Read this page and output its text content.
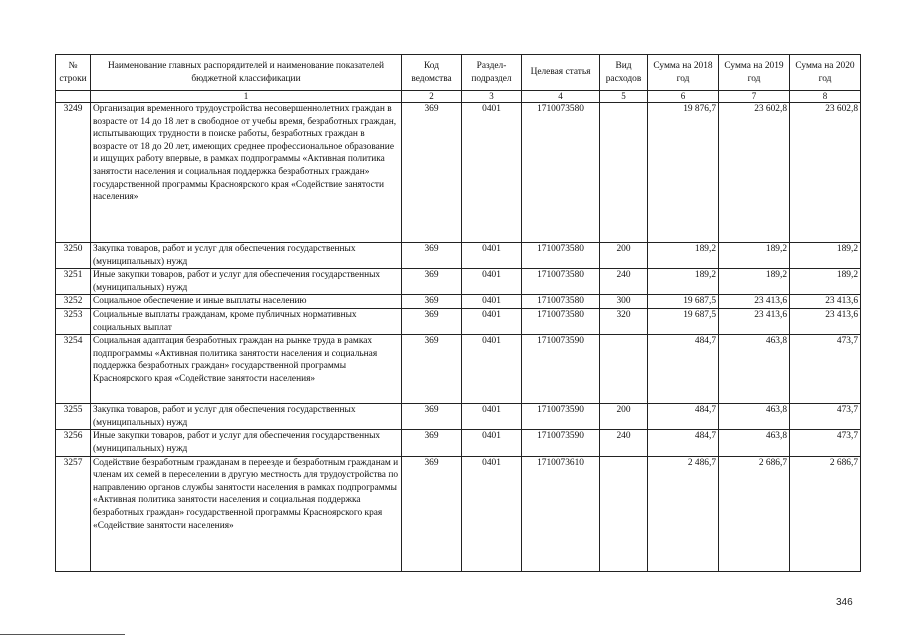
№ строки	Наименование главных распорядителей и наименование показателей бюджетной классификации	Код ведомства	Раздел-подраздел	Целевая статья	Вид расходов	Сумма на 2018 год	Сумма на 2019 год	Сумма на 2020 год
	1	2	3	4	5	6	7	8
3249	Организация временного трудоустройства несовершеннолетних граждан в возрасте от 14 до 18 лет в свободное от учебы время, безработных граждан, испытывающих трудности в поиске работы, безработных граждан в возрасте от 18 до 20 лет, имеющих среднее профессиональное образование и ищущих работу впервые, в рамках подпрограммы «Активная политика занятости населения и социальная поддержка безработных граждан» государственной программы Красноярского края «Содействие занятости населения»	369	0401	1710073580		19 876,7	23 602,8	23 602,8
3250	Закупка товаров, работ и услуг для обеспечения государственных (муниципальных) нужд	369	0401	1710073580	200	189,2	189,2	189,2
3251	Иные закупки товаров, работ и услуг для обеспечения государственных (муниципальных) нужд	369	0401	1710073580	240	189,2	189,2	189,2
3252	Социальное обеспечение и иные выплаты населению	369	0401	1710073580	300	19 687,5	23 413,6	23 413,6
3253	Социальные выплаты гражданам, кроме публичных нормативных социальных выплат	369	0401	1710073580	320	19 687,5	23 413,6	23 413,6
3254	Социальная адаптация безработных граждан на рынке труда в рамках подпрограммы «Активная политика занятости населения и социальная поддержка безработных граждан» государственной программы Красноярского края «Содействие занятости населения»	369	0401	1710073590		484,7	463,8	473,7
3255	Закупка товаров, работ и услуг для обеспечения государственных (муниципальных) нужд	369	0401	1710073590	200	484,7	463,8	473,7
3256	Иные закупки товаров, работ и услуг для обеспечения государственных (муниципальных) нужд	369	0401	1710073590	240	484,7	463,8	473,7
3257	Содействие безработным гражданам в переезде и безработным гражданам и членам их семей в переселении в другую местность для трудоустройства по направлению органов службы занятости населения в рамках подпрограммы «Активная политика занятости населения и социальная поддержка безработных граждан» государственной программы Красноярского края «Содействие занятости населения»	369	0401	1710073610		2 486,7	2 686,7	2 686,7
346
